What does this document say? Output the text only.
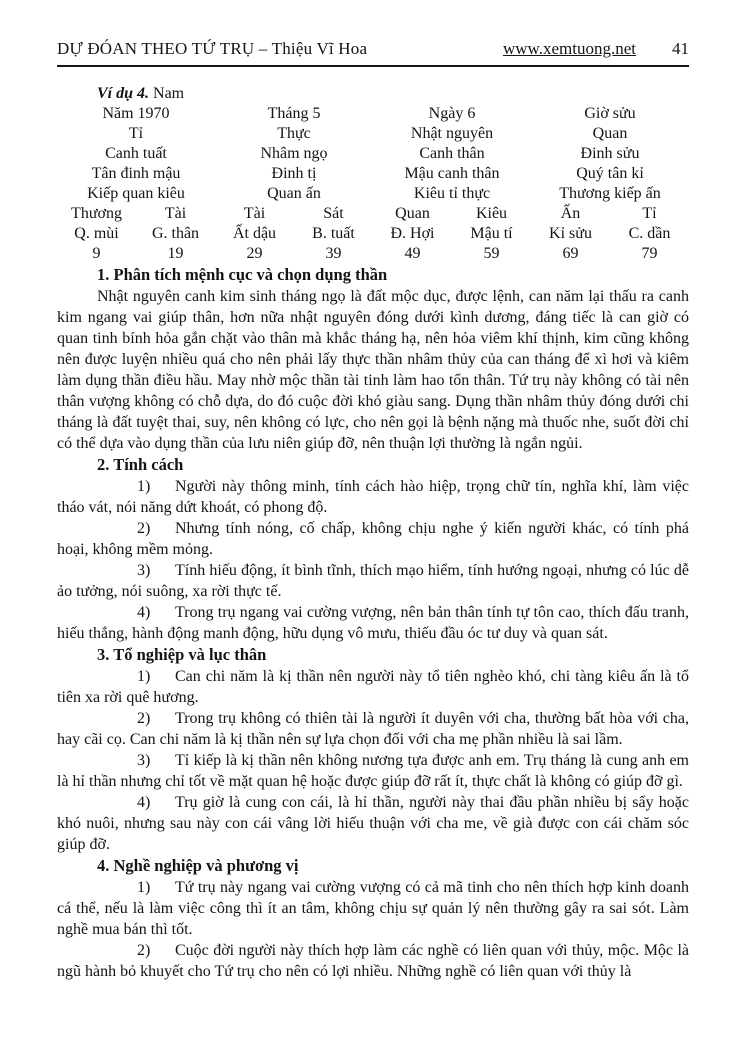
DỰ ĐÓAN THEO TỨ TRỤ – Thiệu Vĩ Hoa	www.xemtuong.net 41

Ví dụ 4. Nam

Năm 1970	Tháng 5	Ngày 6	Giờ sửu
Tỉ	Thực	Nhật nguyên	Quan
Canh tuất	Nhâm ngọ	Canh thân	Đinh sửu
Tân đinh mậu	Đinh tị	Mậu canh thân	Quý tân kỉ
Kiếp quan kiêu	Quan ấn	Kiêu tỉ thực	Thương kiếp ấn
Thương	Tài	Tài	Sát	Quan	Kiêu	Ấn	Tỉ
Q. mùi	G. thân	Ất dậu	B. tuất	Đ. Hợi	Mậu tí	Kỉ sửu	C. dần
9	19	29	39	49	59	69	79
1. Phân tích mệnh cục và chọn dụng thần

Nhật nguyên canh kim sinh tháng ngọ là đất mộc dục, được lệnh, can năm lại thấu ra canh kim ngang vai giúp thân, hơn nữa nhật nguyên đóng dưới kình dương, đáng tiếc là can giờ có quan tinh bính hỏa gắn chặt vào thân mà khắc tháng hạ, nên hỏa viêm khí thịnh, kim cũng không nên được luyện nhiều quá cho nên phải lấy thực thần nhâm thủy của can tháng để xì hơi và kiêm làm dụng thần điều hầu. May nhờ mộc thần tài tinh làm hao tổn thân. Tứ trụ này không có tài nên thân vượng không có chỗ dựa, do đó cuộc đời khó giàu sang. Dụng thần nhâm thủy đóng dưới chi tháng là đất tuyệt thai, suy, nên không có lực, cho nên gọi là bệnh nặng mà thuốc nhe, suốt đời chỉ có thể dựa vào dụng thần của lưu niên giúp đỡ, nên thuận lợi thường là ngắn ngủi.

2. Tính cách

1) Người này thông minh, tính cách hào hiệp, trọng chữ tín, nghĩa khí, làm việc tháo vát, nói năng dứt khoát, có phong độ.

2) Nhưng tính nóng, cố chấp, không chịu nghe ý kiến người khác, có tính phá hoại, không mềm mỏng.

3) Tính hiếu động, ít bình tĩnh, thích mạo hiểm, tính hướng ngoại, nhưng có lúc dễ ảo tưởng, nói suông, xa rời thực tế.

4) Trong trụ ngang vai cường vượng, nên bản thân tính tự tôn cao, thích đấu tranh, hiếu thắng, hành động manh động, hữu dụng vô mưu, thiếu đầu óc tư duy và quan sát.

3. Tổ nghiệp và lục thân

1) Can chi năm là kị thần nên người này tổ tiên nghèo khó, chi tàng kiêu ấn là tổ tiên xa rời quê hương.

2) Trong trụ không có thiên tài là người ít duyên với cha, thường bất hòa với cha, hay cãi cọ. Can chi năm là kị thần nên sự lựa chọn đối với cha mẹ phần nhiều là sai lầm.

3) Tỉ kiếp là kị thần nên không nương tựa được anh em. Trụ tháng là cung anh em là hỉ thần nhưng chỉ tốt về mặt quan hệ hoặc được giúp đỡ rất ít, thực chất là không có giúp đỡ gì.

4) Trụ giờ là cung con cái, là hỉ thần, người này thai đầu phần nhiều bị sẩy hoặc khó nuôi, nhưng sau này con cái vâng lời hiếu thuận với cha me, về già được con cái chăm sóc giúp đỡ.

4. Nghề nghiệp và phương vị

1) Tứ trụ này ngang vai cường vượng có cả mã tinh cho nên thích hợp kinh doanh cá thể, nếu là làm việc công thì ít an tâm, không chịu sự quản lý nên thường gây ra sai sót. Làm nghề mua bán thì tốt.

2) Cuộc đời người này thích hợp làm các nghề có liên quan với thủy, mộc. Mộc là ngũ hành bỏ khuyết cho Tứ trụ cho nên có lợi nhiều. Những nghề có liên quan với thủy là
